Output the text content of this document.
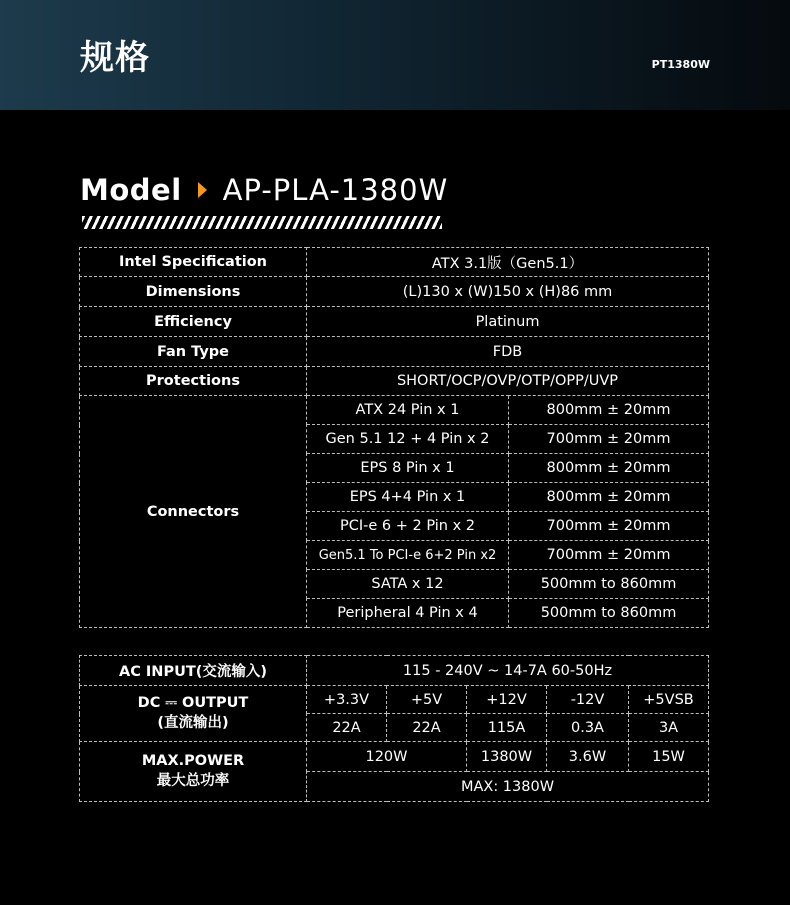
规格	PT1380W
Model AP-PLA-1380W
Intel Specification	ATX 3.1版（Gen5.1）	
Dimensions	(L)130 x (W)150 x (H)86 mm	
Efficiency	Platinum	
Fan Type	FDB	
Protections	SHORT/OCP/OVP/OTP/OPP/UVP	
Connectors	ATX 24 Pin x 1	800mm ± 20mm
	Gen 5.1 12 + 4 Pin x 2	700mm ± 20mm
	EPS 8 Pin x 1	800mm ± 20mm
	EPS 4+4 Pin x 1	800mm ± 20mm
	PCI-e 6 + 2 Pin x 2	700mm ± 20mm
	Gen5.1 To PCI-e 6+2 Pin x2	700mm ± 20mm
	SATA x 12	500mm to 860mm
	Peripheral 4 Pin x 4	500mm to 860mm
AC INPUT(交流输入)	115 - 240V ~ 14-7A 60-50Hz				

DC ⎓ OUTPUT
(直流输出)	+3.3V	+5V	+12V	-12V	+5VSB
	22A	22A	115A	0.3A	3A

MAX.POWER
最大总功率	120W		1380W	3.6W	15W
	MAX: 1380W				
